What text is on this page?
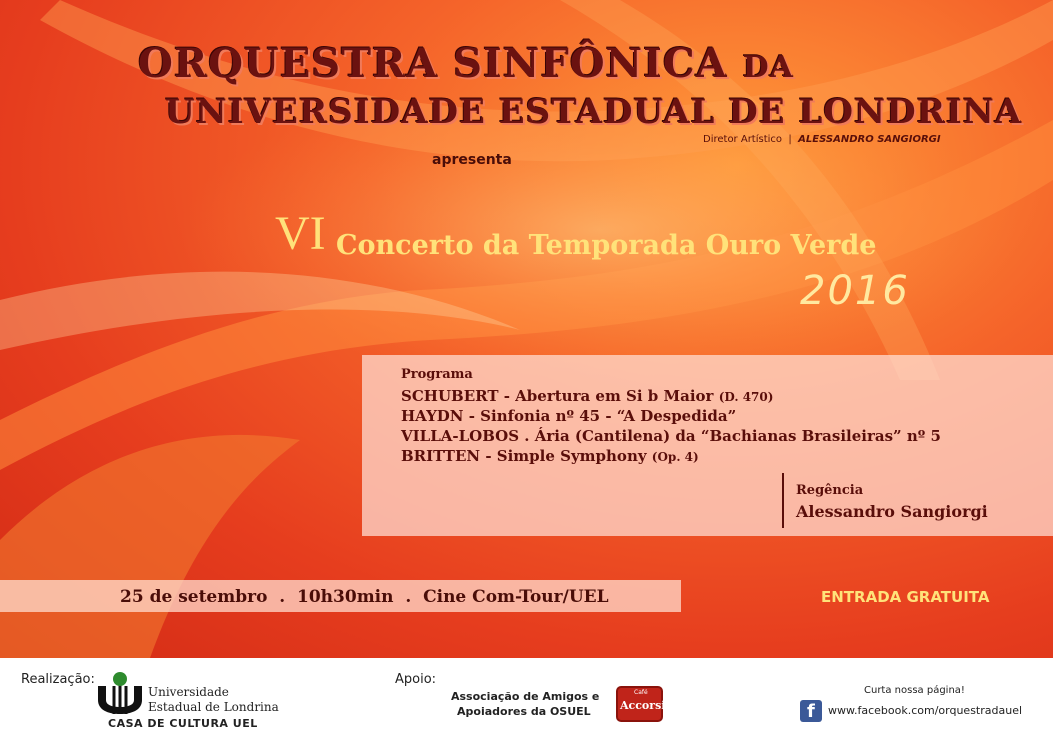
ORQUESTRA SINFÔNICA DA
UNIVERSIDADE ESTADUAL DE LONDRINA
Diretor Artístico | ALESSANDRO SANGIORGI
apresenta
VI Concerto da Temporada Ouro Verde
2016
Programa
SCHUBERT - Abertura em Si b Maior (D. 470)
HAYDN - Sinfonia nº 45 - “A Despedida”
VILLA-LOBOS . Ária (Cantilena) da “Bachianas Brasileiras” nº 5
BRITTEN - Simple Symphony (Op. 4)
Regência
Alessandro Sangiorgi
25 de setembro  .  10h30min  .  Cine Com-Tour/UEL	ENTRADA GRATUITA
Realização:
Universidade
Estadual de Londrina
CASA DE CULTURA UEL
Apoio:
Associação de Amigos e
Apoiadores da OSUEL
Café
Accorsi
Curta nossa página!
f www.facebook.com/orquestradauel
